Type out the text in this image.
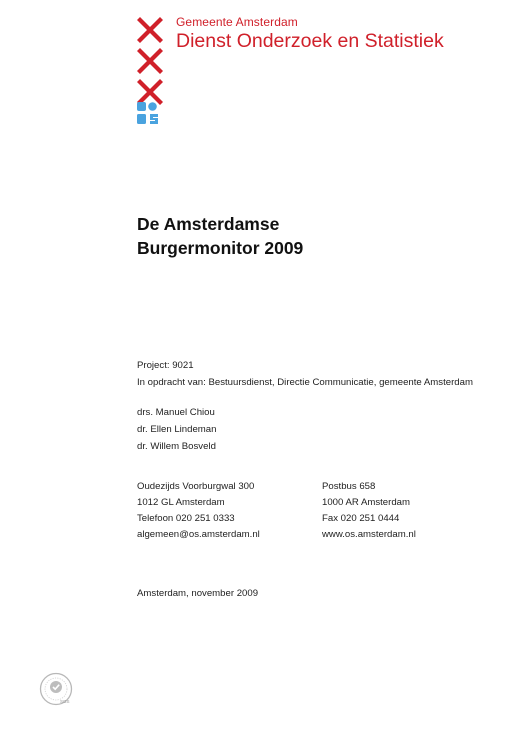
Gemeente Amsterdam
Dienst Onderzoek en Statistiek
De Amsterdamse
Burgermonitor 2009
Project: 9021
In opdracht van: Bestuursdienst, Directie Communicatie, gemeente Amsterdam
drs. Manuel Chiou
dr. Ellen Lindeman
dr. Willem Bosveld
Oudezijds Voorburgwal 300
1012 GL Amsterdam
Telefoon 020 251 0333
algemeen@os.amsterdam.nl
Postbus 658
1000 AR Amsterdam
Fax 020 251 0444
www.os.amsterdam.nl
Amsterdam, november 2009
SGS
